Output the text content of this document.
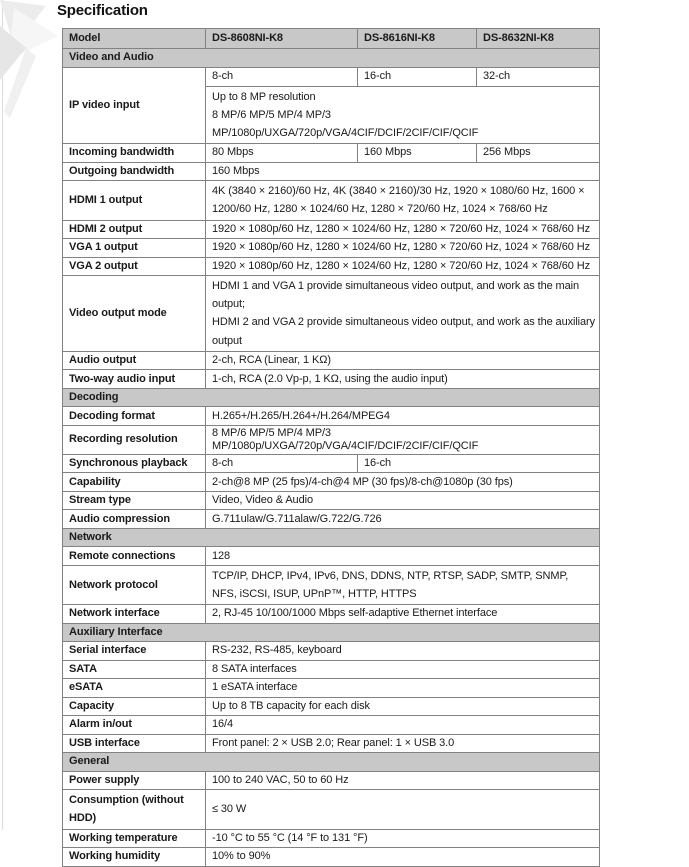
Specification
Model	DS-8608NI-K8	DS-8616NI-K8	DS-8632NI-K8
Video and Audio			
IP video input	8-ch	16-ch	32-ch

	Up to 8 MP resolution
8 MP/6 MP/5 MP/4 MP/3 MP/1080p/UXGA/720p/VGA/4CIF/DCIF/2CIF/CIF/QCIF		

Incoming bandwidth	80 Mbps	160 Mbps	256 Mbps
Outgoing bandwidth	160 Mbps		
HDMI 1 output	4K (3840 × 2160)/60 Hz, 4K (3840 × 2160)/30 Hz, 1920 × 1080/60 Hz, 1600 × 1200/60 Hz, 1280 × 1024/60 Hz, 1280 × 720/60 Hz, 1024 × 768/60 Hz		

HDMI 2 output	1920 × 1080p/60 Hz, 1280 × 1024/60 Hz, 1280 × 720/60 Hz, 1024 × 768/60 Hz		
VGA 1 output	1920 × 1080p/60 Hz, 1280 × 1024/60 Hz, 1280 × 720/60 Hz, 1024 × 768/60 Hz		
VGA 2 output	1920 × 1080p/60 Hz, 1280 × 1024/60 Hz, 1280 × 720/60 Hz, 1024 × 768/60 Hz		
Video output mode	HDMI 1 and VGA 1 provide simultaneous video output, and work as the main output;
HDMI 2 and VGA 2 provide simultaneous video output, and work as the auxiliary output		

Audio output	2-ch, RCA (Linear, 1 KΩ)		
Two-way audio input	1-ch, RCA (2.0 Vp-p, 1 KΩ, using the audio input)		
Decoding			
Decoding format	H.265+/H.265/H.264+/H.264/MPEG4		
Recording resolution	8 MP/6 MP/5 MP/4 MP/3 MP/1080p/UXGA/720p/VGA/4CIF/DCIF/2CIF/CIF/QCIF		
Synchronous playback	8-ch	16-ch	
Capability	2-ch@8 MP (25 fps)/4-ch@4 MP (30 fps)/8-ch@1080p (30 fps)		
Stream type	Video, Video & Audio		
Audio compression	G.711ulaw/G.711alaw/G.722/G.726		
Network			
Remote connections	128		
Network protocol	TCP/IP, DHCP, IPv4, IPv6, DNS, DDNS, NTP, RTSP, SADP, SMTP, SNMP, NFS, iSCSI, ISUP, UPnP™, HTTP, HTTPS		

Network interface	2, RJ-45 10/100/1000 Mbps self-adaptive Ethernet interface		
Auxiliary Interface			
Serial interface	RS-232, RS-485, keyboard		
SATA	8 SATA interfaces		
eSATA	1 eSATA interface		
Capacity	Up to 8 TB capacity for each disk		
Alarm in/out	16/4		
USB interface	Front panel: 2 × USB 2.0; Rear panel: 1 × USB 3.0		
General			
Power supply	100 to 240 VAC, 50 to 60 Hz		

Consumption (without HDD)	≤ 30 W		
Working temperature	-10 °C to 55 °C (14 °F to 131 °F)		
Working humidity	10% to 90%		
